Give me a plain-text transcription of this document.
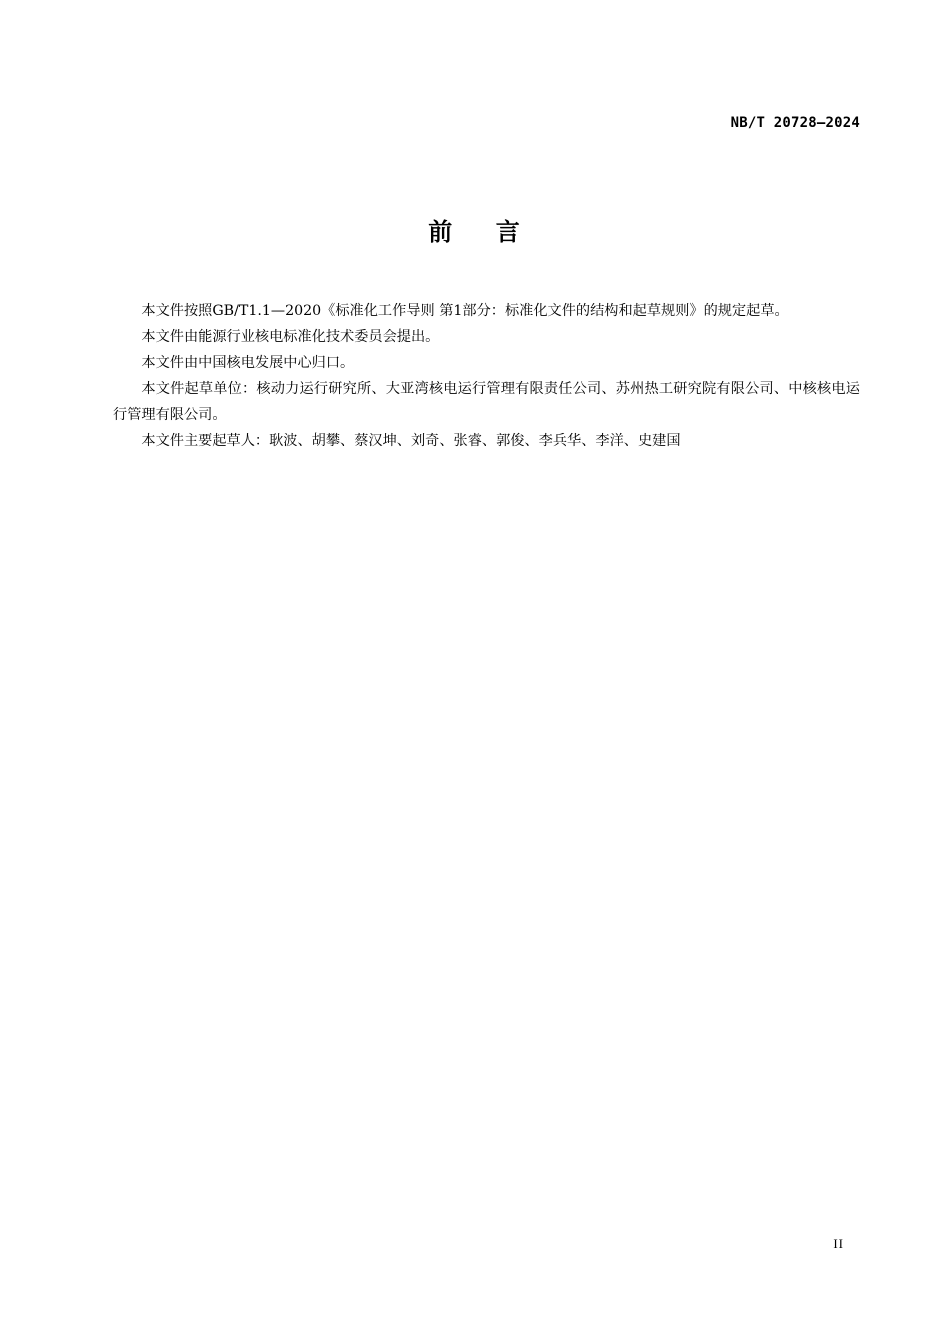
NB/T 20728—2024
前    言

本文件按照GB/T1.1—2020《标准化工作导则 第1部分：标准化文件的结构和起草规则》的规定起草。

本文件由能源行业核电标准化技术委员会提出。

本文件由中国核电发展中心归口。

本文件起草单位：核动力运行研究所、大亚湾核电运行管理有限责任公司、苏州热工研究院有限公司、中核核电运行管理有限公司。

本文件主要起草人：耿波、胡攀、蔡汉坤、刘奇、张睿、郭俊、李兵华、李洋、史建国

II
